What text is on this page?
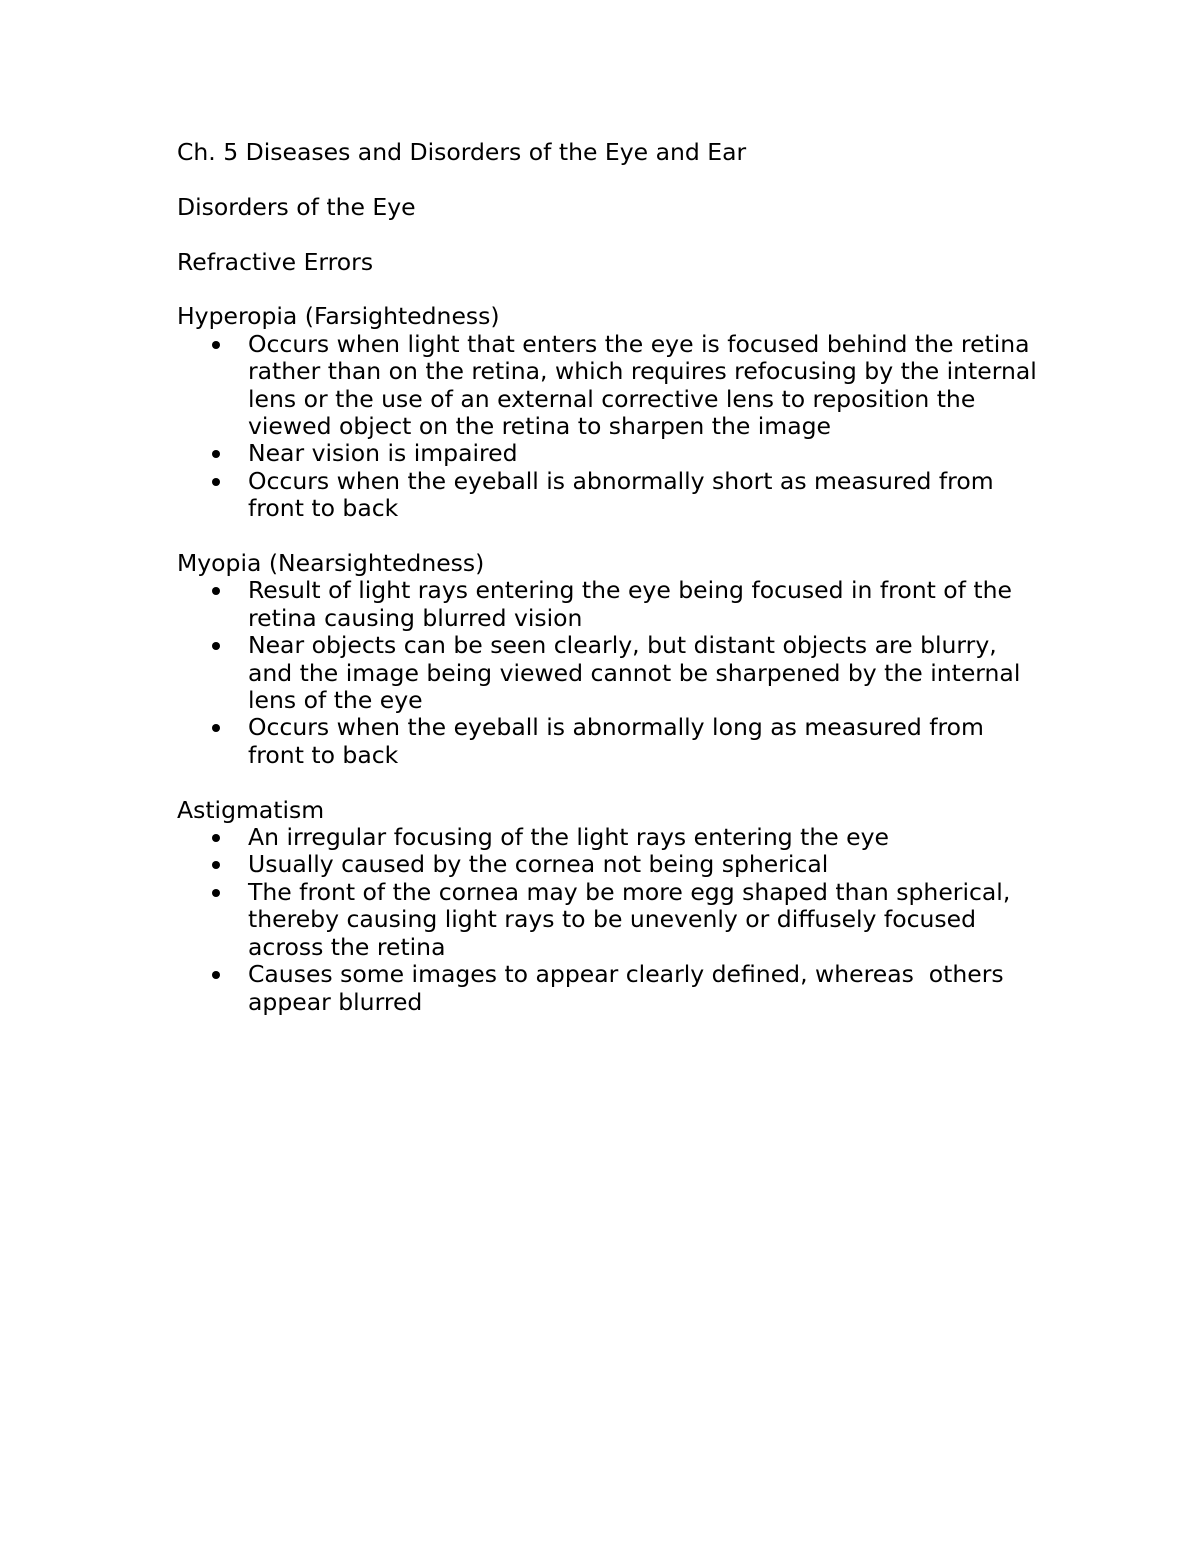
Ch. 5 Diseases and Disorders of the Eye and Ear

Disorders of the Eye

Refractive Errors

Hyperopia (Farsightedness)

Occurs when light that enters the eye is focused behind the retina rather than on the retina, which requires refocusing by the internal lens or the use of an external corrective lens to reposition the viewed object on the retina to sharpen the image
Near vision is impaired
Occurs when the eyeball is abnormally short as measured from front to back

Myopia (Nearsightedness)

Result of light rays entering the eye being focused in front of the retina causing blurred vision
Near objects can be seen clearly, but distant objects are blurry, and the image being viewed cannot be sharpened by the internal lens of the eye
Occurs when the eyeball is abnormally long as measured from front to back

Astigmatism

An irregular focusing of the light rays entering the eye
Usually caused by the cornea not being spherical
The front of the cornea may be more egg shaped than spherical, thereby causing light rays to be unevenly or diffusely focused across the retina
Causes some images to appear clearly defined, whereas  others appear blurred
